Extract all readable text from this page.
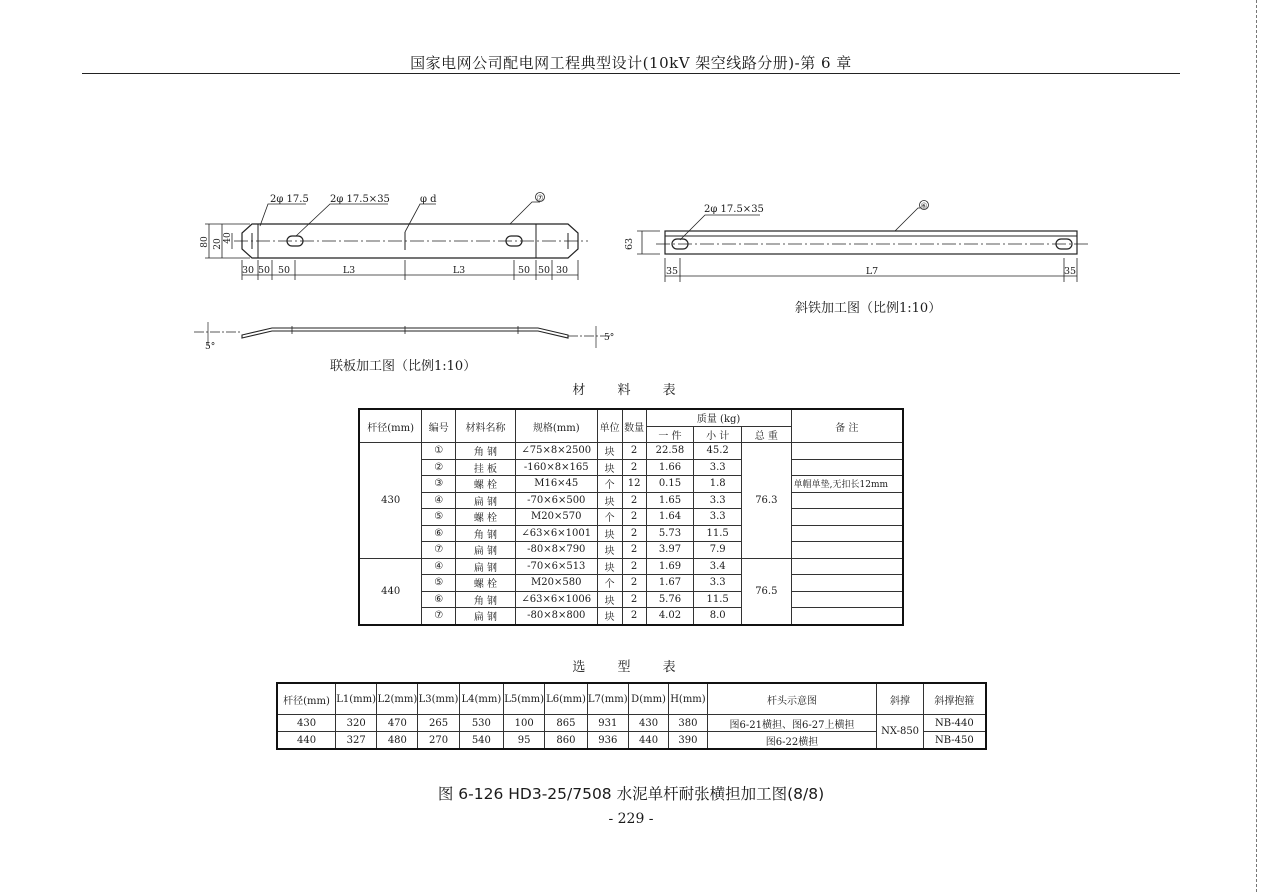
国家电网公司配电网工程典型设计(10kV 架空线路分册)-第 6 章
2φ 17.5 2φ 17.5×35	φ d	⑦
80 20
40
30 50 50	L3	L3	50 50 30
5°
5°
联板加工图（比例1:10）
2φ 17.5×35	⑥
63
35	L7	35
斜铁加工图（比例1:10）
材 料 表
杆径(mm)	编号	材料名称	规格(mm)	单位	数量	质量 (kg)			备 注
						一 件	小 计	总 重	
430	①	角 钢	∠75×8×2500	块	2	22.58	45.2	76.3	
	②	挂 板	-160×8×165	块	2	1.66	3.3		
	③	螺 栓	M16×45	个	12	0.15	1.8		单帽单垫,无扣长12mm
	④	扁 钢	-70×6×500	块	2	1.65	3.3		
	⑤	螺 栓	M20×570	个	2	1.64	3.3		
	⑥	角 钢	∠63×6×1001	块	2	5.73	11.5		
	⑦	扁 钢	-80×8×790	块	2	3.97	7.9		
440	④	扁 钢	-70×6×513	块	2	1.69	3.4	76.5	
	⑤	螺 栓	M20×580	个	2	1.67	3.3		
	⑥	角 钢	∠63×6×1006	块	2	5.76	11.5		
	⑦	扁 钢	-80×8×800	块	2	4.02	8.0		
选 型 表
杆径(mm)	L1(mm)	L2(mm)	L3(mm)	L4(mm)	L5(mm)	L6(mm)	L7(mm)	D(mm)	H(mm)	杆头示意图	斜撑	斜撑抱箍
430	320	470	265	530	100	865	931	430	380	图6-21横担、图6-27上横担	NX-850	NB-440
440	327	480	270	540	95	860	936	440	390	图6-22横担		NB-450
图 6-126 HD3-25/7508 水泥单杆耐张横担加工图(8/8)
- 229 -
